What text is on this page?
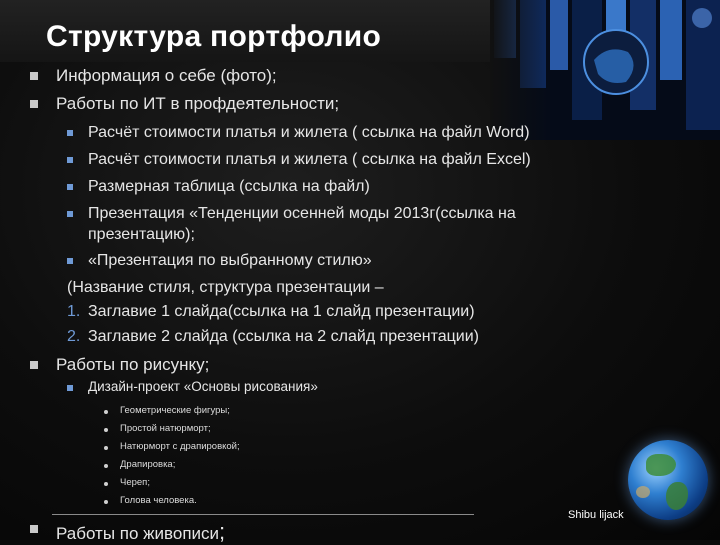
Структура портфолио
Информация о себе (фото);
Работы по ИТ в профдеятельности;
Расчёт стоимости платья и жилета ( ссылка на файл Word)
Расчёт стоимости платья и жилета ( ссылка на файл Excel)
Размерная таблица (ссылка на файл)
Презентация «Тенденции осенней моды 2013г(ссылка на
презентацию);
«Презентация по выбранному стилю»
(Название стиля, структура презентации –
1. Заглавие 1 слайда(ссылка на 1 слайд презентации)
2. Заглавие 2 слайда (ссылка на 2 слайд презентации)
Работы по рисунку;
Дизайн-проект «Основы рисования»
Геометрические фигуры;
Простой натюрморт;
Натюрморт с драпировкой;
Драпировка;
Череп;
Голова человека.
Работы по живописи;
Shibu lijack
